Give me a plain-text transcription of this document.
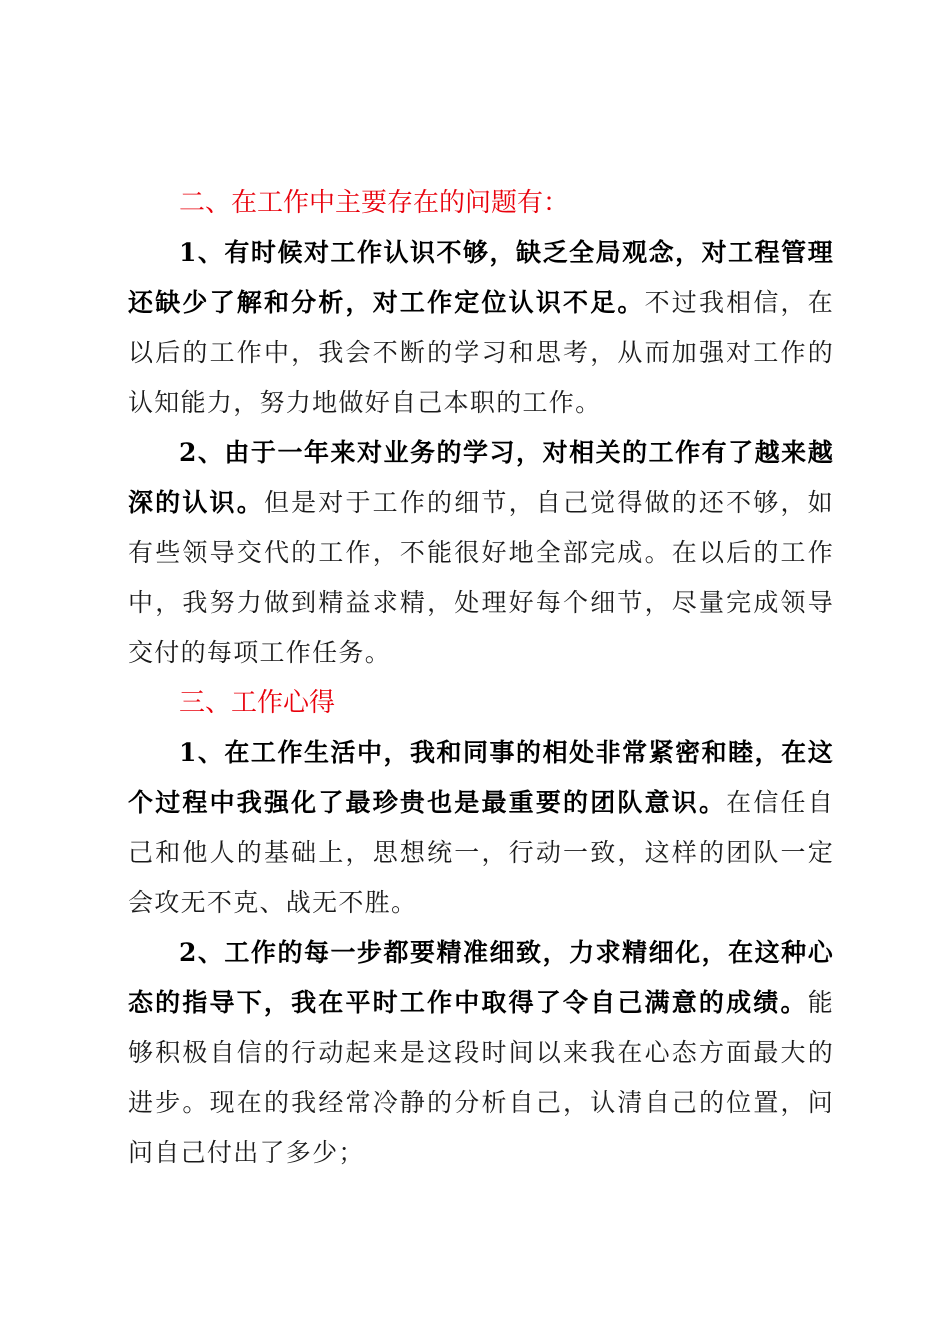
二、在工作中主要存在的问题有：

1、有时候对工作认识不够，缺乏全局观念，对工程管理还缺少了解和分析，对工作定位认识不足。不过我相信，在以后的工作中，我会不断的学习和思考，从而加强对工作的认知能力，努力地做好自己本职的工作。

2、由于一年来对业务的学习，对相关的工作有了越来越深的认识。但是对于工作的细节，自己觉得做的还不够，如有些领导交代的工作，不能很好地全部完成。在以后的工作中，我努力做到精益求精，处理好每个细节，尽量完成领导交付的每项工作任务。

三、工作心得

1、在工作生活中，我和同事的相处非常紧密和睦，在这个过程中我强化了最珍贵也是最重要的团队意识。在信任自己和他人的基础上，思想统一，行动一致，这样的团队一定会攻无不克、战无不胜。

2、工作的每一步都要精准细致，力求精细化，在这种心态的指导下，我在平时工作中取得了令自己满意的成绩。能够积极自信的行动起来是这段时间以来我在心态方面最大的进步。现在的我经常冷静的分析自己，认清自己的位置，问问自己付出了多少；
